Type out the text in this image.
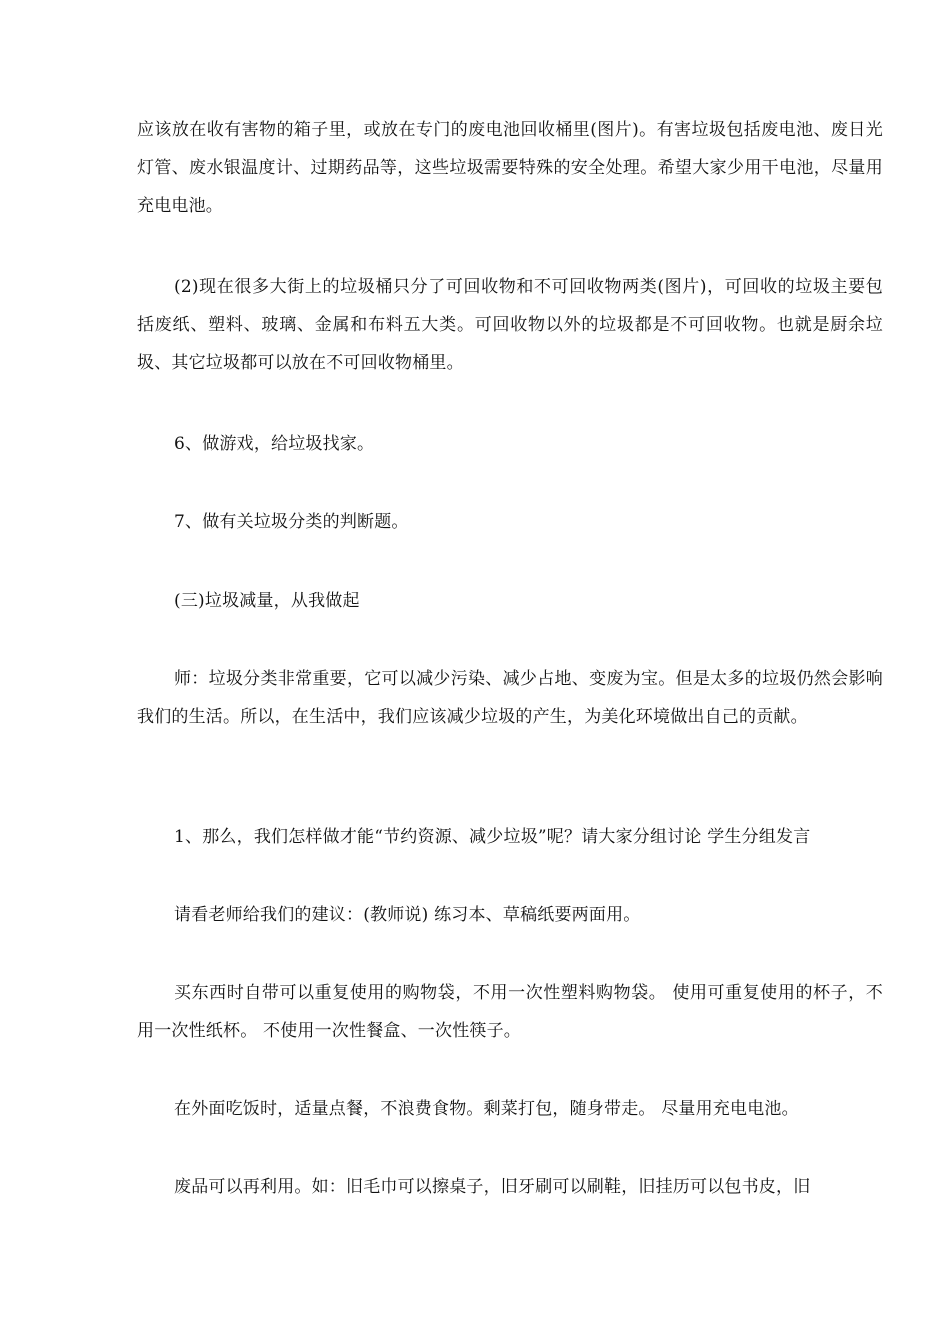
应该放在收有害物的箱子里，或放在专门的废电池回收桶里(图片)。有害垃圾包括废电池、废日光灯管、废水银温度计、过期药品等，这些垃圾需要特殊的安全处理。希望大家少用干电池，尽量用充电电池。

(2)现在很多大街上的垃圾桶只分了可回收物和不可回收物两类(图片)，可回收的垃圾主要包括废纸、塑料、玻璃、金属和布料五大类。可回收物以外的垃圾都是不可回收物。也就是厨余垃圾、其它垃圾都可以放在不可回收物桶里。

6、做游戏，给垃圾找家。

7、做有关垃圾分类的判断题。

(三)垃圾减量，从我做起

师：垃圾分类非常重要，它可以减少污染、减少占地、变废为宝。但是太多的垃圾仍然会影响我们的生活。所以，在生活中，我们应该减少垃圾的产生，为美化环境做出自己的贡献。

1、那么，我们怎样做才能“节约资源、减少垃圾”呢？请大家分组讨论 学生分组发言

请看老师给我们的建议：(教师说) 练习本、草稿纸要两面用。

买东西时自带可以重复使用的购物袋，不用一次性塑料购物袋。 使用可重复使用的杯子，不用一次性纸杯。 不使用一次性餐盒、一次性筷子。

在外面吃饭时，适量点餐，不浪费食物。剩菜打包，随身带走。 尽量用充电电池。

废品可以再利用。如：旧毛巾可以擦桌子，旧牙刷可以刷鞋，旧挂历可以包书皮，旧
